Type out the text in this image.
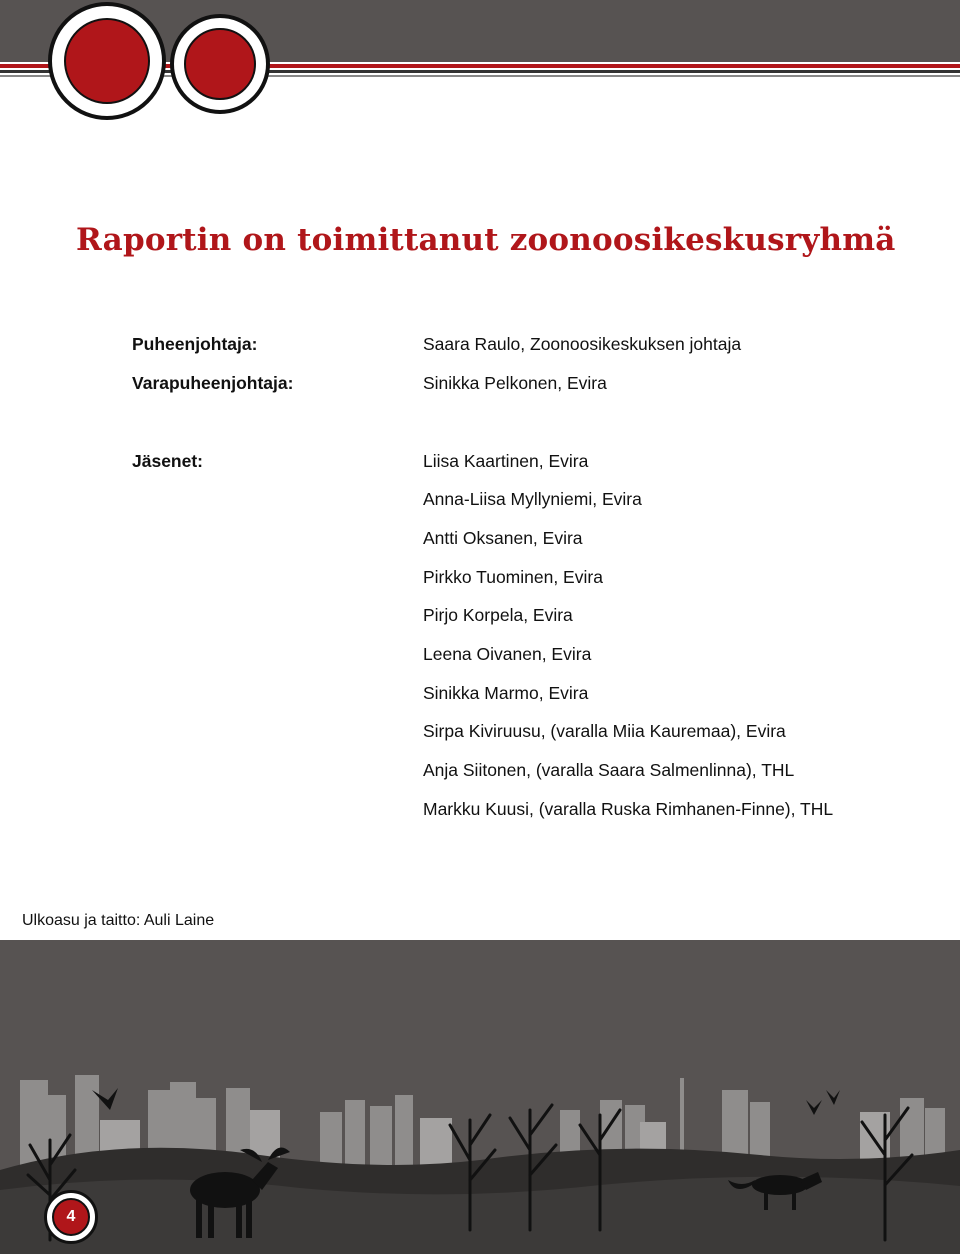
Raportin on toimittanut zoonoosikeskusryhmä
Puheenjohtaja:	Saara Raulo, Zoonoosikeskuksen johtaja
Varapuheenjohtaja:	Sinikka Pelkonen, Evira
Jäsenet:	Liisa Kaartinen, Evira
Anna-Liisa Myllyniemi, Evira
Antti Oksanen, Evira
Pirkko Tuominen, Evira
Pirjo Korpela, Evira
Leena Oivanen, Evira
Sinikka Marmo, Evira
Sirpa Kiviruusu, (varalla Miia Kauremaa), Evira
Anja Siitonen, (varalla Saara Salmenlinna), THL
Markku Kuusi, (varalla Ruska Rimhanen-Finne), THL
Ulkoasu ja taitto: Auli Laine
4
